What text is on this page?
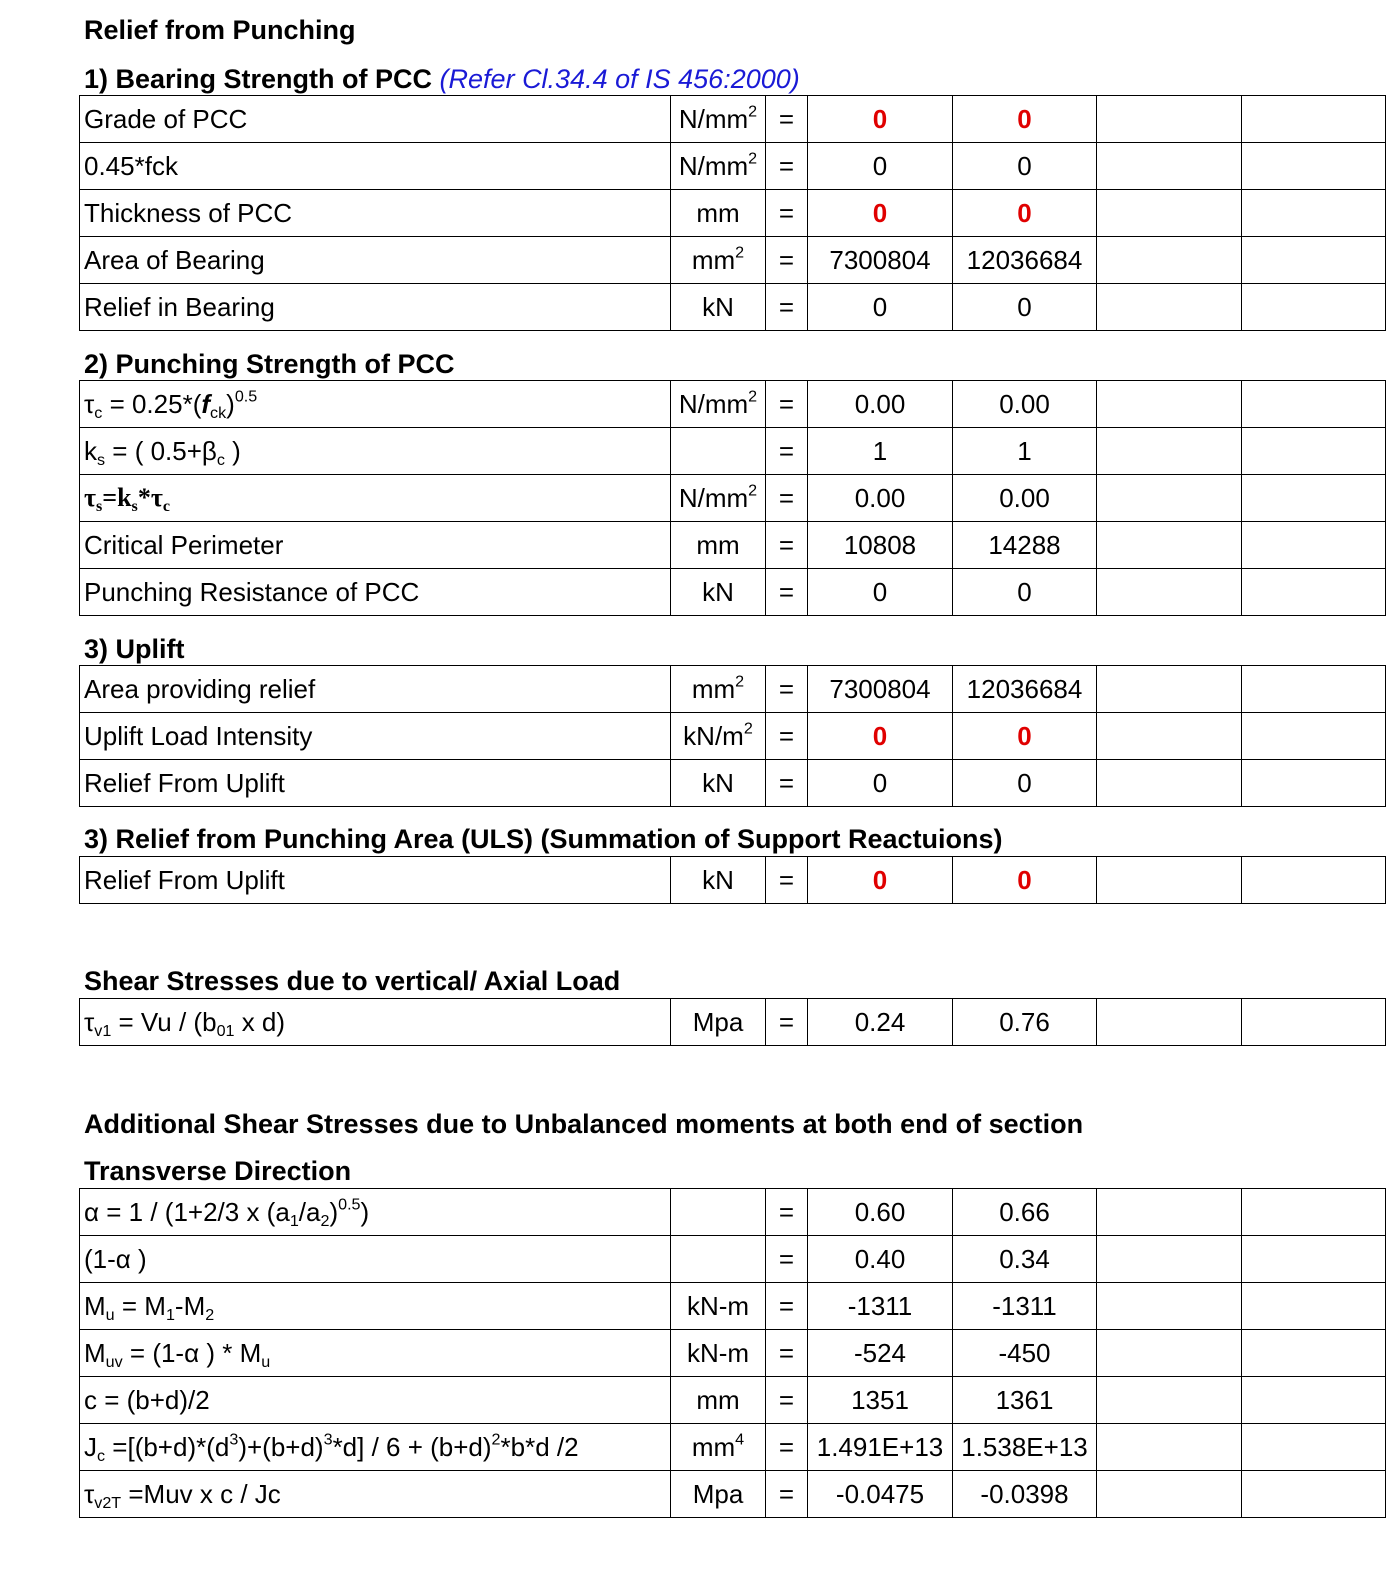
Relief from Punching
1) Bearing Strength of PCC (Refer Cl.34.4 of IS 456:2000)
Grade of PCC	$N/mm^2$	=	0	0		
0.45*fck	$N/mm^2$	=	0	0		
Thickness of PCC	mm	=	0	0		
Area of Bearing	$mm^2$	=	7300804	12036684		
Relief in Bearing	kN	=	0	0		
2) Punching Strength of PCC
$\tau_c = 0.25*(f_{ck})^{0.5}$	$N/mm^2$	=	0.00	0.00		
$k_s$ = ( $0.5+\beta_c$ )		=	1	1		
$\tau_s=k_s*\tau_c$	$N/mm^2$	=	0.00	0.00		
Critical Perimeter	mm	=	10808	14288		
Punching Resistance of PCC	kN	=	0	0		
3) Uplift
Area providing relief	$mm^2$	=	7300804	12036684		
Uplift Load Intensity	$kN/m^2$	=	0	0		
Relief From Uplift	kN	=	0	0		
3) Relief from Punching Area (ULS) (Summation of Support Reactuions)
Relief From Uplift	kN	=	0	0		
Shear Stresses due to vertical/ Axial Load
$\tau_{v1} = Vu / (b_{01}$ x d)	Mpa	=	0.24	0.76		
Additional Shear Stresses due to Unbalanced moments at both end of section
Transverse Direction
α = 1 / (1+2/3 x $(a_1/a_2)^{0.5}$)		=	0.60	0.66		
(1-α )		=	0.40	0.34		
$M_u = M_1-M_2$	kN-m	=	-1311	-1311		
$M_{uv} = (1-\alpha$ ) * $M_u$	kN-m	=	-524	-450		
c = (b+d)/2	mm	=	1351	1361		
$J_c =[(b+d)*(d^3)+(b+d)^3*d] / 6 + (b+d)^2*b*d$ /2	$mm^4$	=	1.491E+13	1.538E+13		
$\tau_{v2T} =Muv$ x c / Jc	Mpa	=	-0.0475	-0.0398		
